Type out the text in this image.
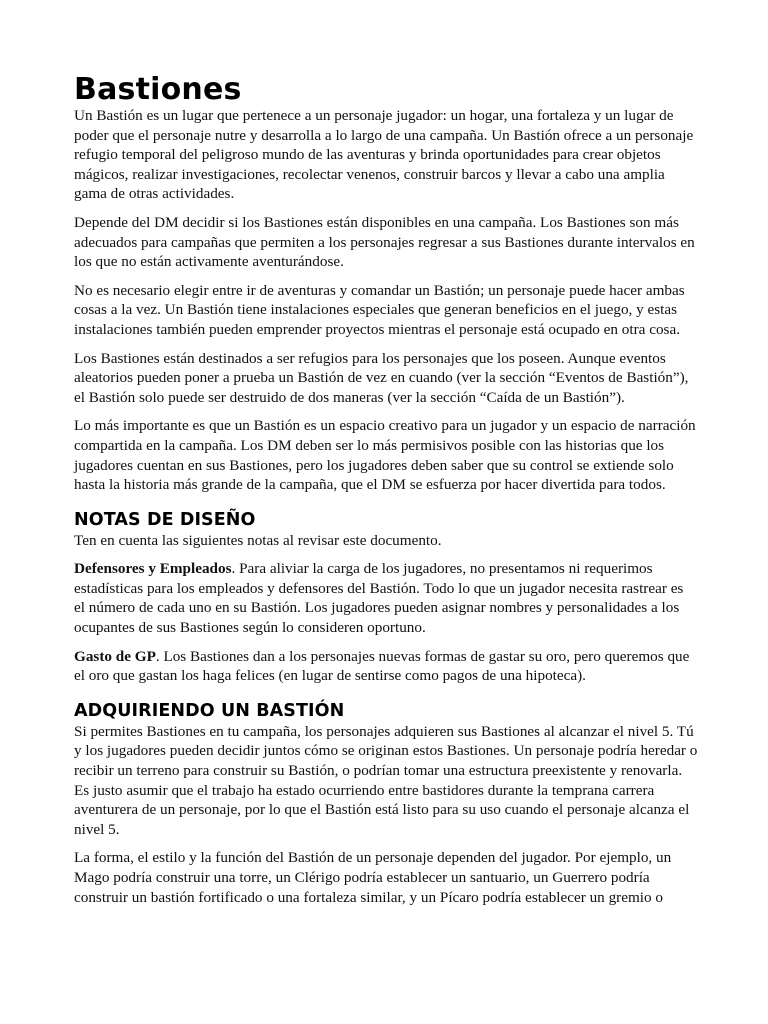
Bastiones

Un Bastión es un lugar que pertenece a un personaje jugador: un hogar, una fortaleza y un lugar de poder que el personaje nutre y desarrolla a lo largo de una campaña. Un Bastión ofrece a un personaje refugio temporal del peligroso mundo de las aventuras y brinda oportunidades para crear objetos mágicos, realizar investigaciones, recolectar venenos, construir barcos y llevar a cabo una amplia gama de otras actividades.

Depende del DM decidir si los Bastiones están disponibles en una campaña. Los Bastiones son más adecuados para campañas que permiten a los personajes regresar a sus Bastiones durante intervalos en los que no están activamente aventurándose.

No es necesario elegir entre ir de aventuras y comandar un Bastión; un personaje puede hacer ambas cosas a la vez. Un Bastión tiene instalaciones especiales que generan beneficios en el juego, y estas instalaciones también pueden emprender proyectos mientras el personaje está ocupado en otra cosa.

Los Bastiones están destinados a ser refugios para los personajes que los poseen. Aunque eventos aleatorios pueden poner a prueba un Bastión de vez en cuando (ver la sección “Eventos de Bastión”), el Bastión solo puede ser destruido de dos maneras (ver la sección “Caída de un Bastión”).

Lo más importante es que un Bastión es un espacio creativo para un jugador y un espacio de narración compartida en la campaña. Los DM deben ser lo más permisivos posible con las historias que los jugadores cuentan en sus Bastiones, pero los jugadores deben saber que su control se extiende solo hasta la historia más grande de la campaña, que el DM se esfuerza por hacer divertida para todos.

NOTAS DE DISEÑO

Ten en cuenta las siguientes notas al revisar este documento.

Defensores y Empleados. Para aliviar la carga de los jugadores, no presentamos ni requerimos estadísticas para los empleados y defensores del Bastión. Todo lo que un jugador necesita rastrear es el número de cada uno en su Bastión. Los jugadores pueden asignar nombres y personalidades a los ocupantes de sus Bastiones según lo consideren oportuno.

Gasto de GP. Los Bastiones dan a los personajes nuevas formas de gastar su oro, pero queremos que el oro que gastan los haga felices (en lugar de sentirse como pagos de una hipoteca).

ADQUIRIENDO UN BASTIÓN

Si permites Bastiones en tu campaña, los personajes adquieren sus Bastiones al alcanzar el nivel 5. Tú y los jugadores pueden decidir juntos cómo se originan estos Bastiones. Un personaje podría heredar o recibir un terreno para construir su Bastión, o podrían tomar una estructura preexistente y renovarla. Es justo asumir que el trabajo ha estado ocurriendo entre bastidores durante la temprana carrera aventurera de un personaje, por lo que el Bastión está listo para su uso cuando el personaje alcanza el nivel 5.

La forma, el estilo y la función del Bastión de un personaje dependen del jugador. Por ejemplo, un Mago podría construir una torre, un Clérigo podría establecer un santuario, un Guerrero podría construir un bastión fortificado o una fortaleza similar, y un Pícaro podría establecer un gremio o
